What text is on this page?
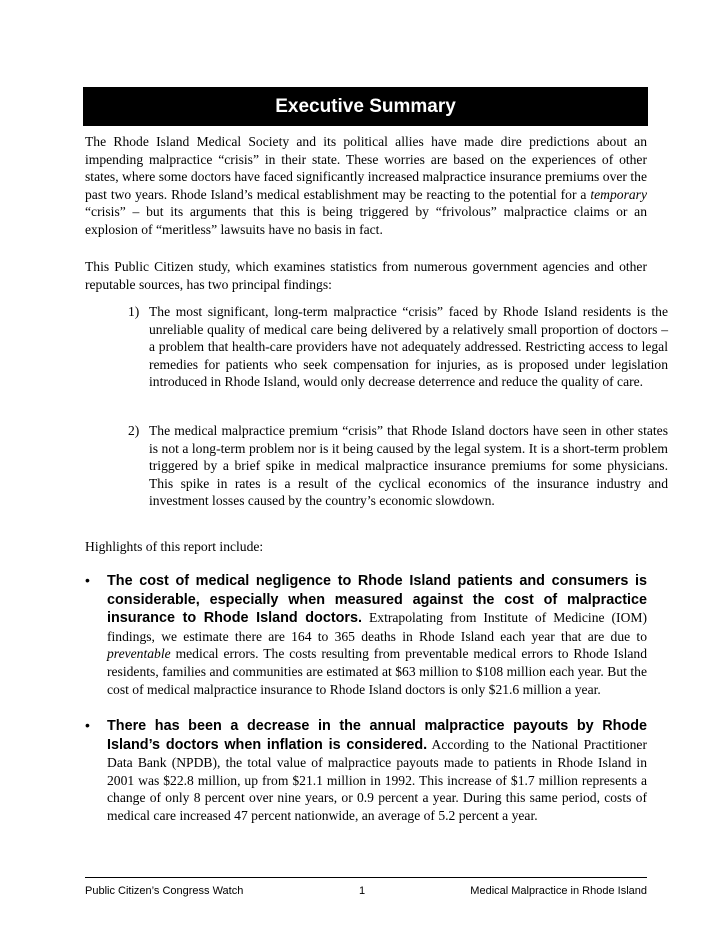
Executive Summary
The Rhode Island Medical Society and its political allies have made dire predictions about an impending malpractice “crisis” in their state. These worries are based on the experiences of other states, where some doctors have faced significantly increased malpractice insurance premiums over the past two years. Rhode Island’s medical establishment may be reacting to the potential for a temporary “crisis” – but its arguments that this is being triggered by “frivolous” malpractice claims or an explosion of “meritless” lawsuits have no basis in fact.
This Public Citizen study, which examines statistics from numerous government agencies and other reputable sources, has two principal findings:
1) The most significant, long-term malpractice “crisis” faced by Rhode Island residents is the unreliable quality of medical care being delivered by a relatively small proportion of doctors – a problem that health-care providers have not adequately addressed. Restricting access to legal remedies for patients who seek compensation for injuries, as is proposed under legislation introduced in Rhode Island, would only decrease deterrence and reduce the quality of care.
2) The medical malpractice premium “crisis” that Rhode Island doctors have seen in other states is not a long-term problem nor is it being caused by the legal system. It is a short-term problem triggered by a brief spike in medical malpractice insurance premiums for some physicians. This spike in rates is a result of the cyclical economics of the insurance industry and investment losses caused by the country’s economic slowdown.
Highlights of this report include:
• The cost of medical negligence to Rhode Island patients and consumers is considerable, especially when measured against the cost of malpractice insurance to Rhode Island doctors. Extrapolating from Institute of Medicine (IOM) findings, we estimate there are 164 to 365 deaths in Rhode Island each year that are due to preventable medical errors. The costs resulting from preventable medical errors to Rhode Island residents, families and communities are estimated at $63 million to $108 million each year. But the cost of medical malpractice insurance to Rhode Island doctors is only $21.6 million a year.
• There has been a decrease in the annual malpractice payouts by Rhode Island’s doctors when inflation is considered. According to the National Practitioner Data Bank (NPDB), the total value of malpractice payouts made to patients in Rhode Island in 2001 was $22.8 million, up from $21.1 million in 1992. This increase of $1.7 million represents a change of only 8 percent over nine years, or 0.9 percent a year. During this same period, costs of medical care increased 47 percent nationwide, an average of 5.2 percent a year.
Public Citizen’s Congress Watch	1	Medical Malpractice in Rhode Island
